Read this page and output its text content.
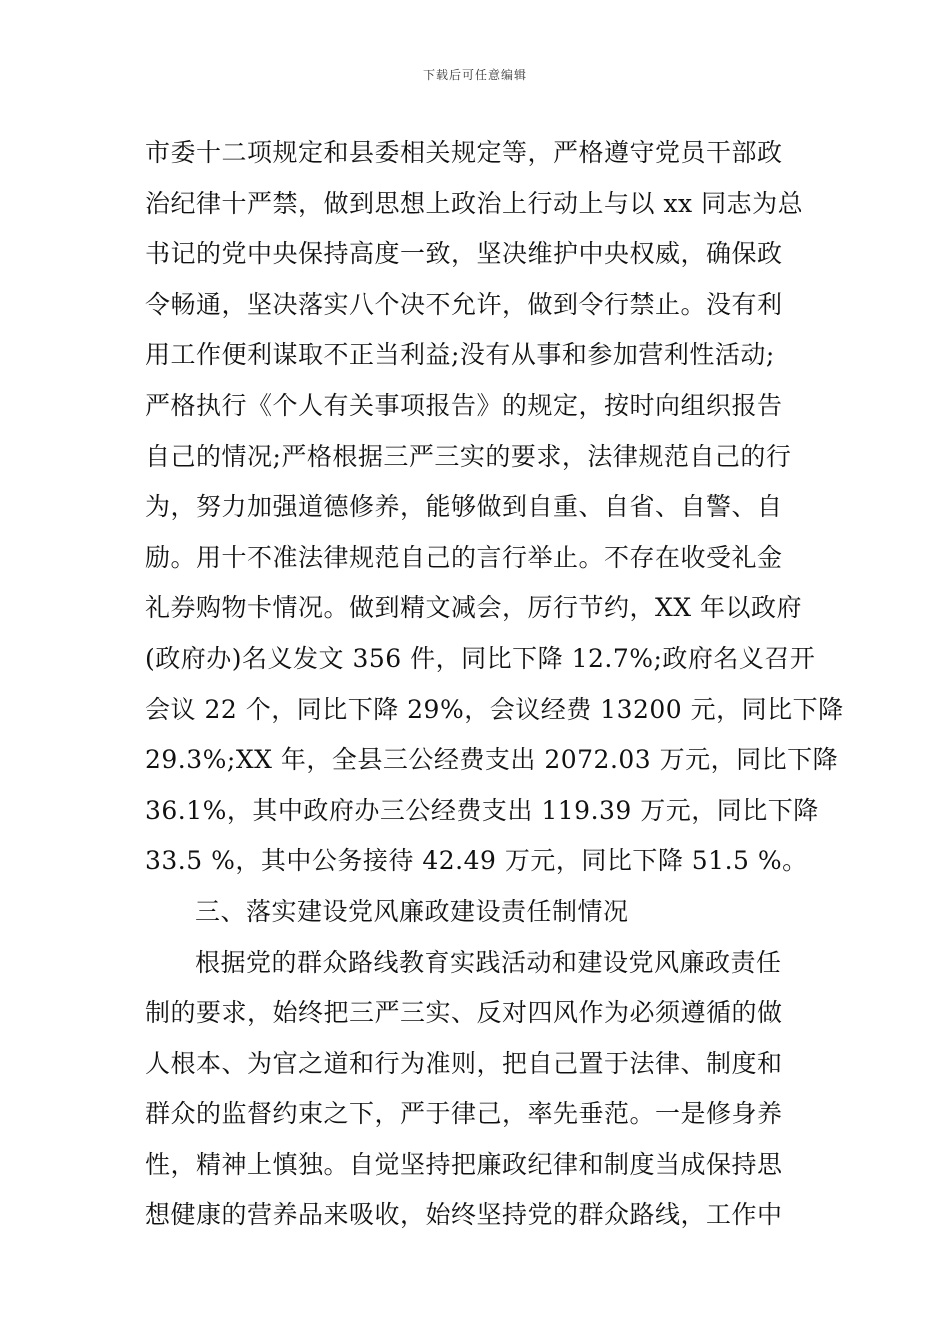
下载后可任意编辑
市委十二项规定和县委相关规定等，严格遵守党员干部政
治纪律十严禁，做到思想上政治上行动上与以 xx 同志为总
书记的党中央保持高度一致，坚决维护中央权威，确保政
令畅通，坚决落实八个决不允许，做到令行禁止。没有利
用工作便利谋取不正当利益;没有从事和参加营利性活动;
严格执行《个人有关事项报告》的规定，按时向组织报告
自己的情况;严格根据三严三实的要求，法律规范自己的行
为，努力加强道德修养，能够做到自重、自省、自警、自
励。用十不准法律规范自己的言行举止。不存在收受礼金
礼券购物卡情况。做到精文减会，厉行节约，XX 年以政府
(政府办)名义发文 356 件，同比下降 12.7%;政府名义召开
会议 22 个，同比下降 29%，会议经费 13200 元，同比下降
29.3%;XX 年，全县三公经费支出 2072.03 万元，同比下降
36.1%，其中政府办三公经费支出 119.39 万元，同比下降
33.5 %，其中公务接待 42.49 万元，同比下降 51.5 %。
三、落实建设党风廉政建设责任制情况
根据党的群众路线教育实践活动和建设党风廉政责任
制的要求，始终把三严三实、反对四风作为必须遵循的做
人根本、为官之道和行为准则，把自己置于法律、制度和
群众的监督约束之下，严于律己，率先垂范。一是修身养
性，精神上慎独。自觉坚持把廉政纪律和制度当成保持思
想健康的营养品来吸收，始终坚持党的群众路线，工作中
